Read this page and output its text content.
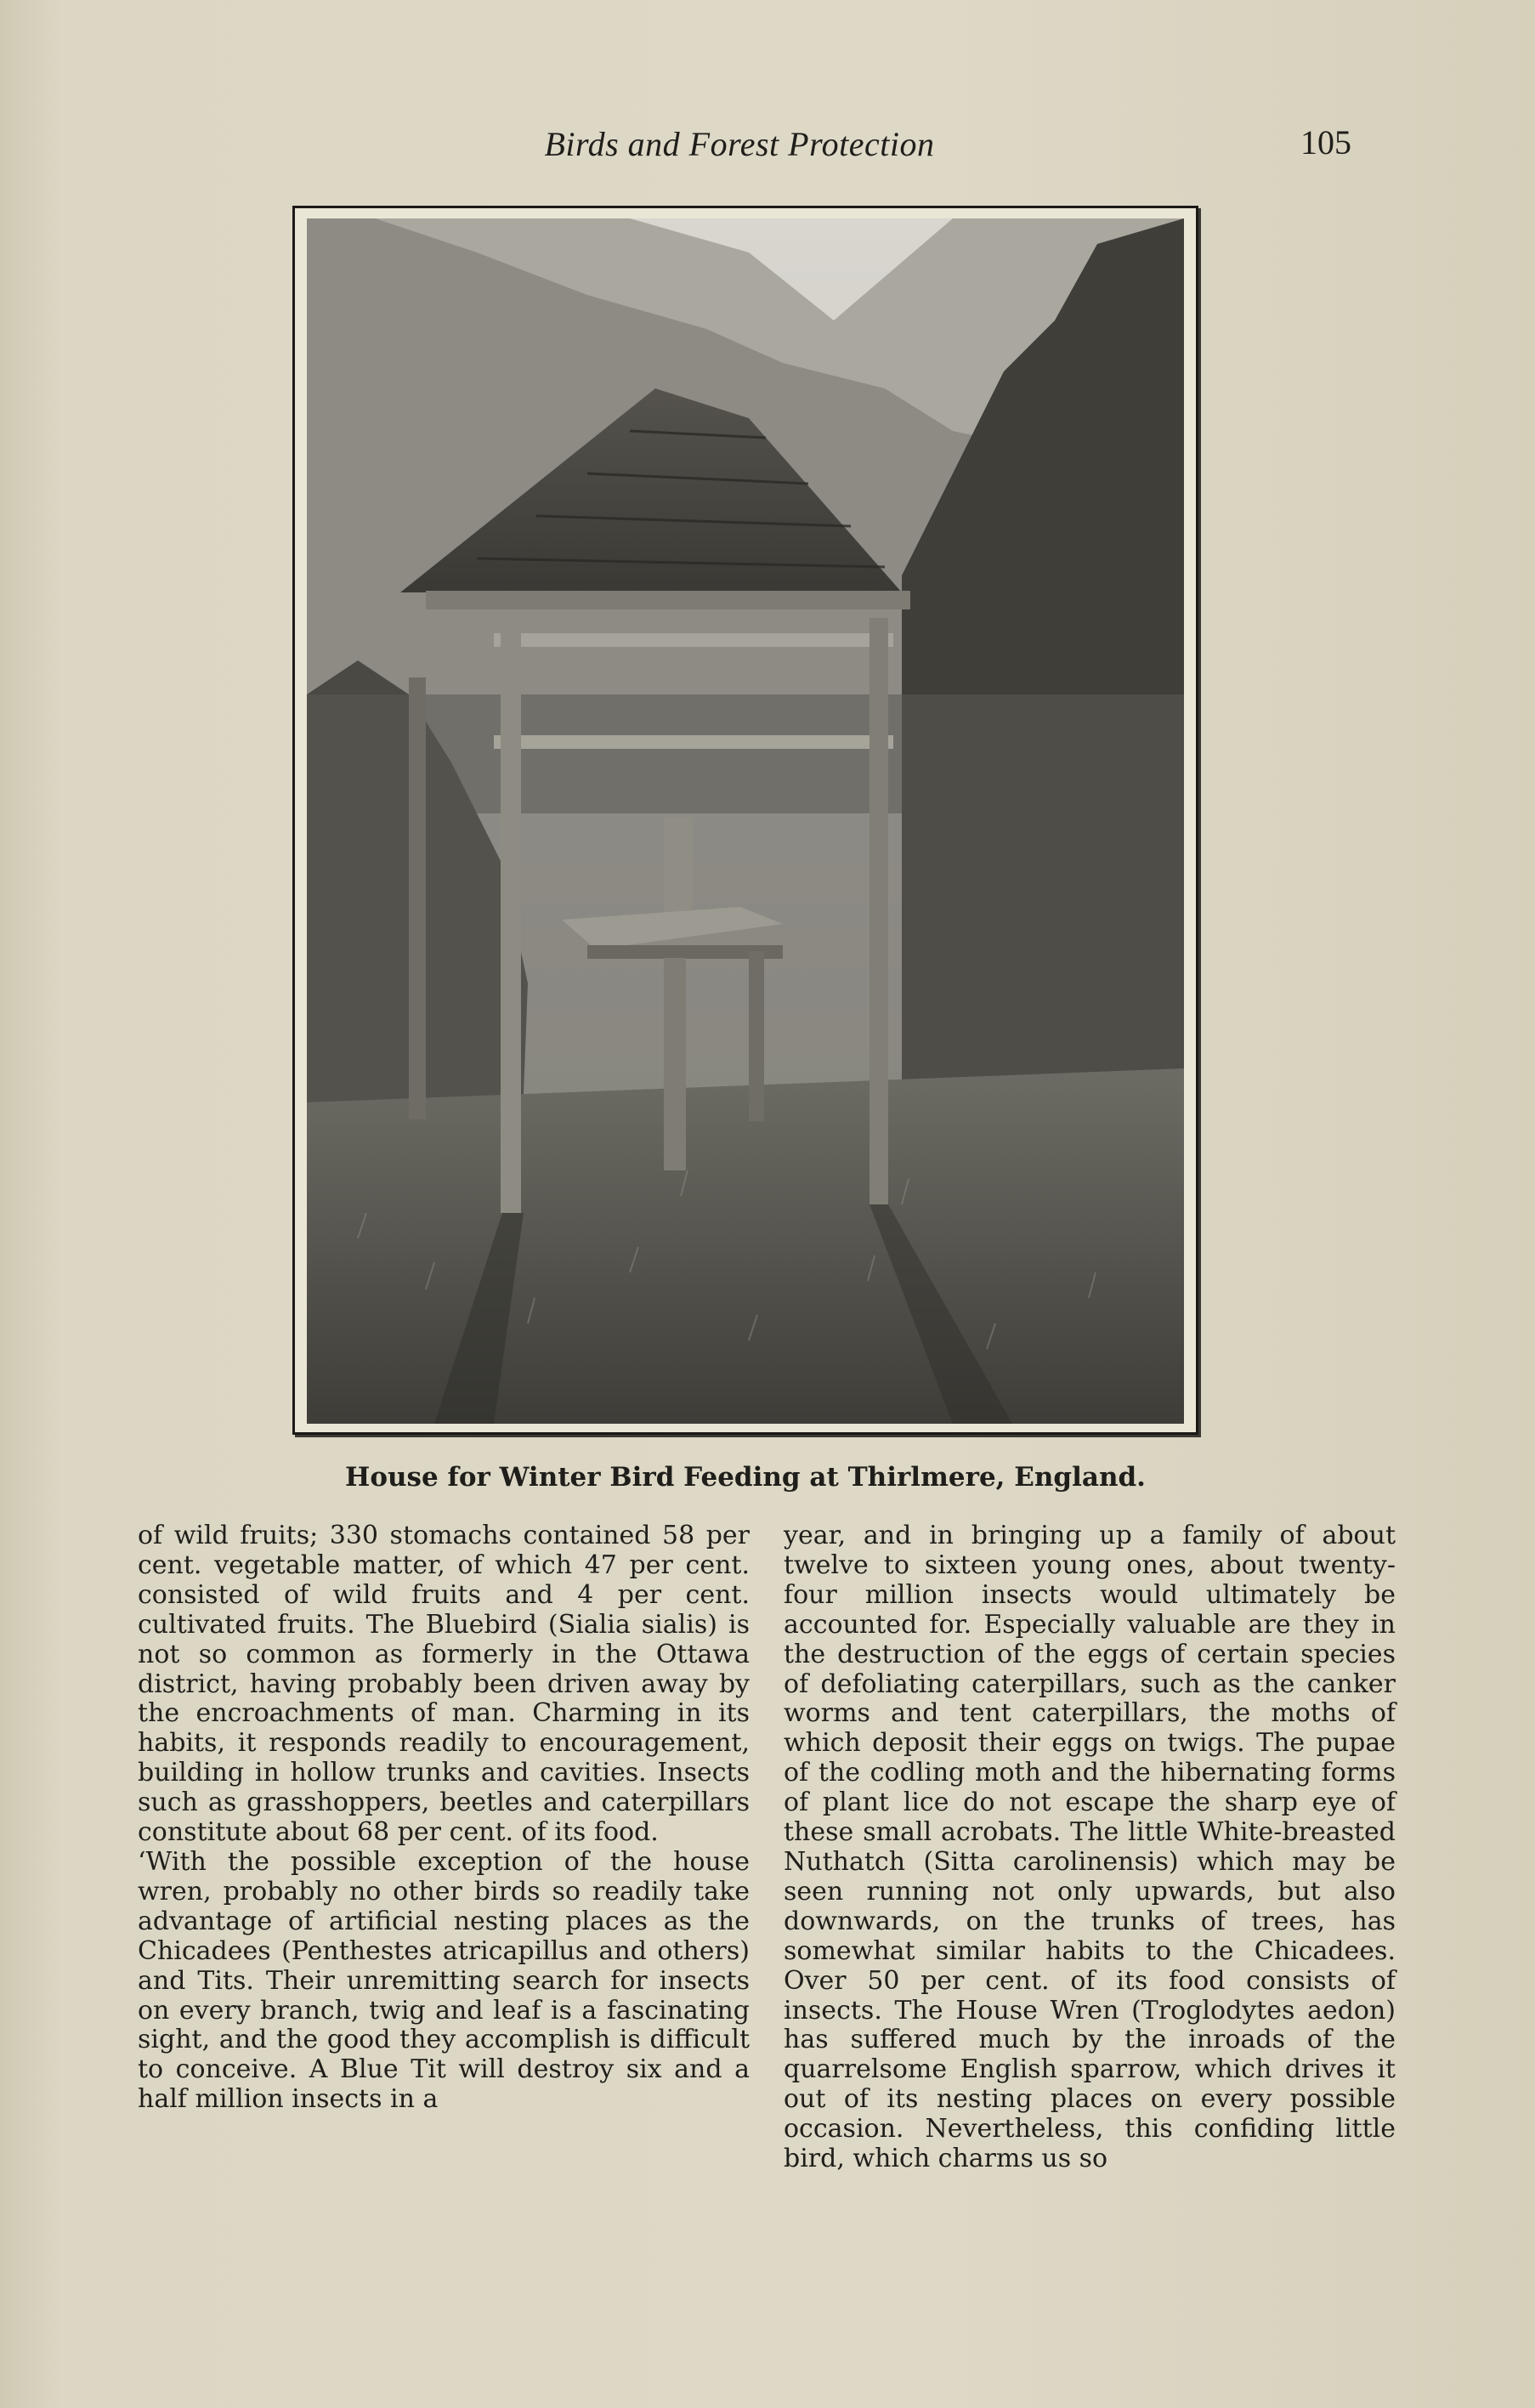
Birds and Forest Protection	105
House for Winter Bird Feeding at Thirlmere, England.

of wild fruits; 330 stomachs contained 58 per cent. vegetable matter, of which 47 per cent. consisted of wild fruits and 4 per cent. cultivated fruits. The Bluebird (Sialia sialis) is not so common as formerly in the Ottawa district, having probably been driven away by the encroachments of man. Charming in its habits, it responds readily to encouragement, building in hollow trunks and cavities. Insects such as grasshoppers, beetles and caterpillars constitute about 68 per cent. of its food.

‘With the possible exception of the house wren, probably no other birds so readily take advantage of artificial nesting places as the Chicadees (Penthestes atricapillus and others) and Tits. Their unremitting search for insects on every branch, twig and leaf is a fascinating sight, and the good they accomplish is difficult to conceive. A Blue Tit will destroy six and a half million insects in a

year, and in bringing up a family of about twelve to sixteen young ones, about twenty-four million insects would ultimately be accounted for. Especially valuable are they in the destruction of the eggs of certain species of defoliating caterpillars, such as the canker worms and tent caterpillars, the moths of which deposit their eggs on twigs. The pupae of the codling moth and the hibernating forms of plant lice do not escape the sharp eye of these small acrobats. The little White-breasted Nuthatch (Sitta carolinensis) which may be seen running not only upwards, but also downwards, on the trunks of trees, has somewhat similar habits to the Chicadees. Over 50 per cent. of its food consists of insects. The House Wren (Troglodytes aedon) has suffered much by the inroads of the quarrelsome English sparrow, which drives it out of its nesting places on every possible occasion. Nevertheless, this confiding little bird, which charms us so
